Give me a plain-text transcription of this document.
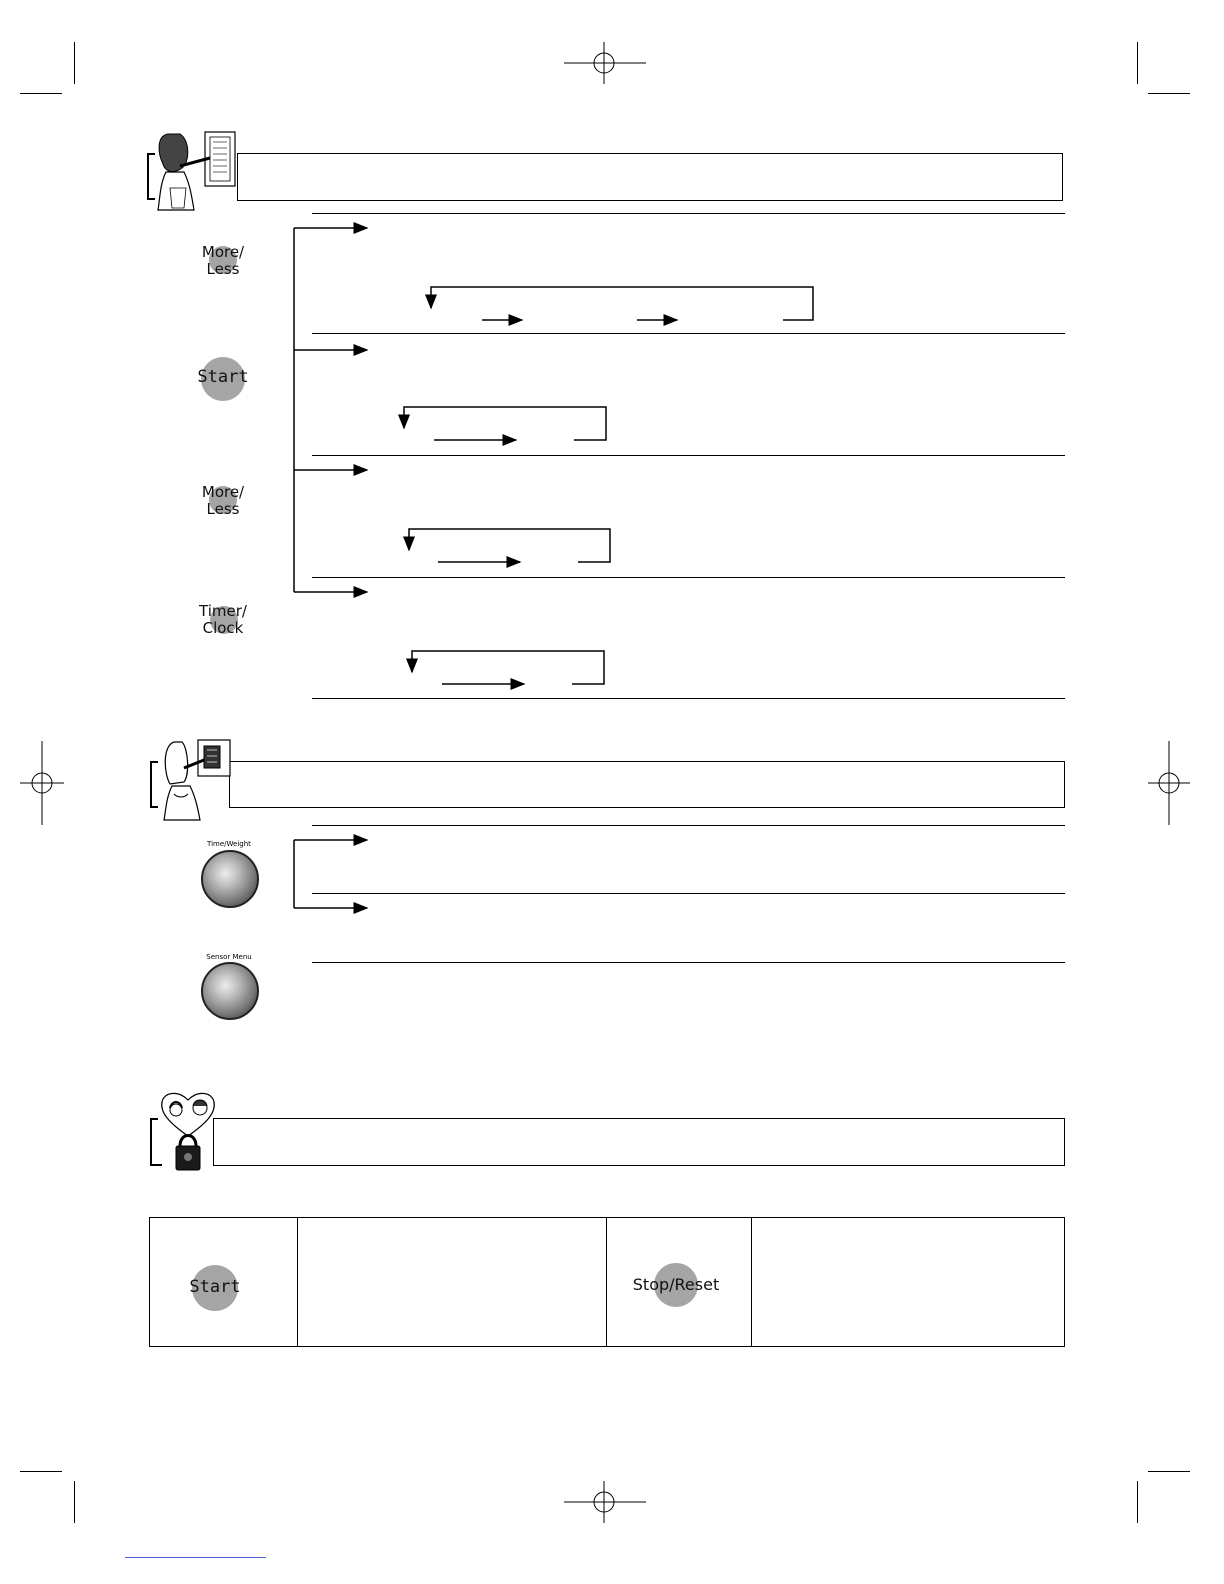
More/
Less
Start
More/
Less
Timer/
Clock
Time/Weight
Sensor Menu
Start	Stop/Reset
